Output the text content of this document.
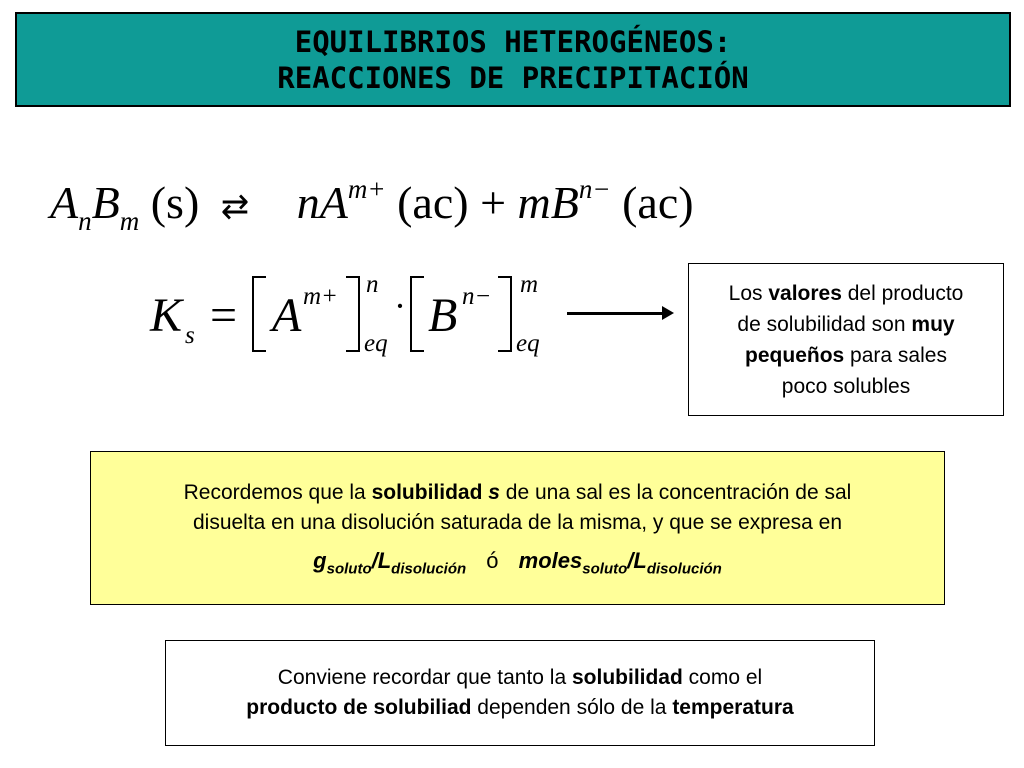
EQUILIBRIOS HETEROGÉNEOS:
REACCIONES DE PRECIPITACIÓN
$A_nB_m$ (s) ⇄ $nA^{m+}$ $(ac) + mB^{n-}$ (ac)
K s = A m+ n
eq
· B n− m
eq
Los valores del producto
de solubilidad son muy
pequeños para sales
poco solubles
Recordemos que la solubilidad s de una sal es la concentración de sal
disuelta en una disolución saturada de la misma, y que se expresa en
$g_{soluto}/L_{disolución}$ ó $moles_{soluto}/L_{disolución}$
Conviene recordar que tanto la solubilidad como el
producto de solubiliad dependen sólo de la temperatura
